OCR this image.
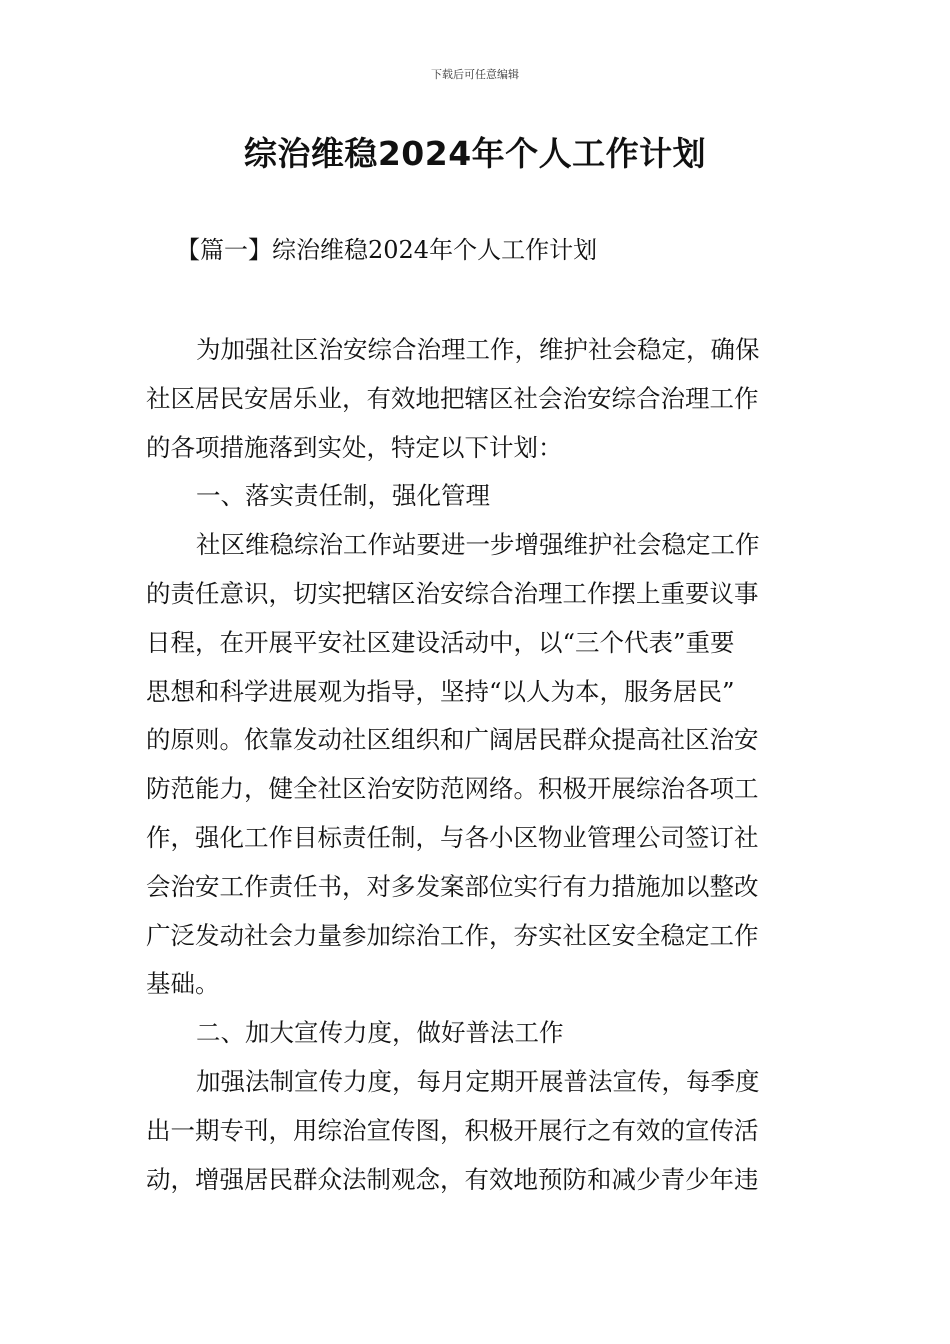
下载后可任意编辑
综治维稳2024年个人工作计划
【篇一】综治维稳2024年个人工作计划
为加强社区治安综合治理工作，维护社会稳定，确保
社区居民安居乐业，有效地把辖区社会治安综合治理工作
的各项措施落到实处，特定以下计划：
一、落实责任制，强化管理
社区维稳综治工作站要进一步增强维护社会稳定工作
的责任意识，切实把辖区治安综合治理工作摆上重要议事
日程，在开展平安社区建设活动中，以“三个代表”重要
思想和科学进展观为指导，坚持“以人为本，服务居民”
的原则。依靠发动社区组织和广阔居民群众提高社区治安
防范能力，健全社区治安防范网络。积极开展综治各项工
作，强化工作目标责任制，与各小区物业管理公司签订社
会治安工作责任书，对多发案部位实行有力措施加以整改
广泛发动社会力量参加综治工作，夯实社区安全稳定工作
基础。
二、加大宣传力度，做好普法工作
加强法制宣传力度，每月定期开展普法宣传，每季度
出一期专刊，用综治宣传图，积极开展行之有效的宣传活
动，增强居民群众法制观念，有效地预防和减少青少年违
